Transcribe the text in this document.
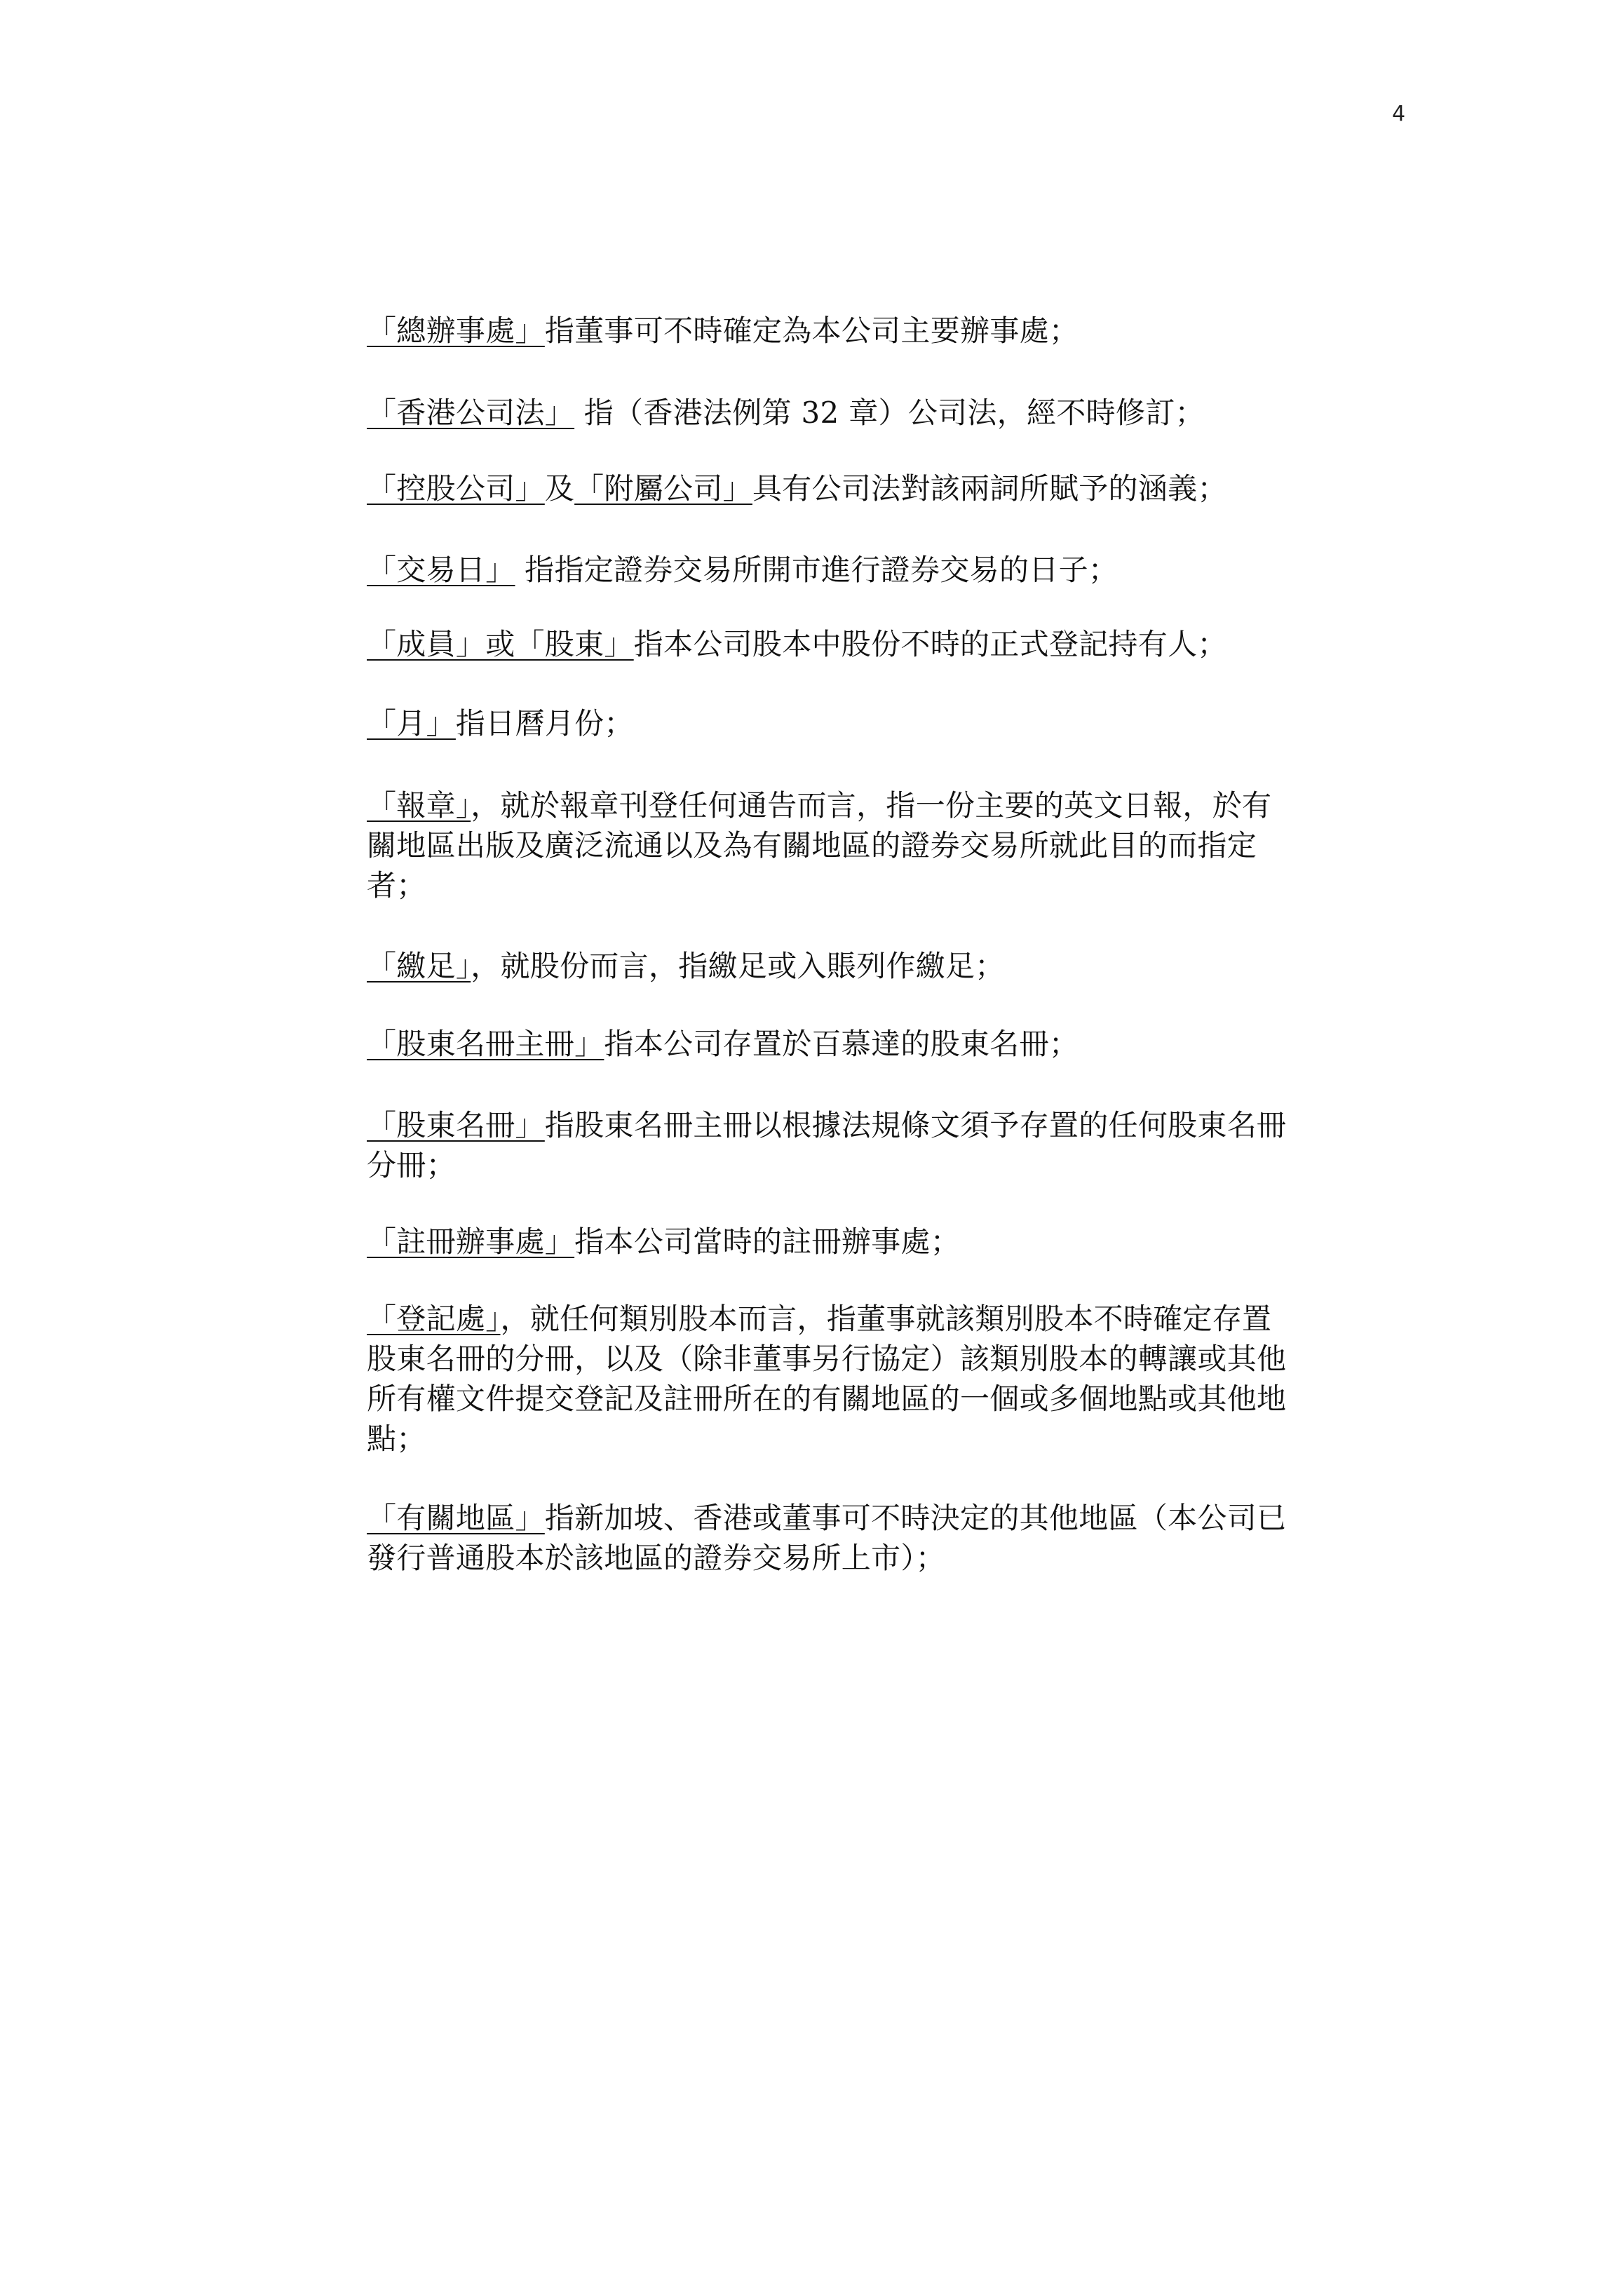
4

「總辦事處」指董事可不時確定為本公司主要辦事處；

「香港公司法」 指（香港法例第 32 章）公司法，經不時修訂；

「控股公司」及「附屬公司」具有公司法對該兩詞所賦予的涵義；

「交易日」 指指定證券交易所開市進行證券交易的日子；

「成員」或「股東」指本公司股本中股份不時的正式登記持有人；

「月」指日曆月份；

「報章」，就於報章刊登任何通告而言，指一份主要的英文日報，於有
關地區出版及廣泛流通以及為有關地區的證券交易所就此目的而指定
者；

「繳足」，就股份而言，指繳足或入賬列作繳足；

「股東名冊主冊」指本公司存置於百慕達的股東名冊；

「股東名冊」指股東名冊主冊以根據法規條文須予存置的任何股東名冊
分冊；

「註冊辦事處」指本公司當時的註冊辦事處；

「登記處」，就任何類別股本而言，指董事就該類別股本不時確定存置
股東名冊的分冊，以及（除非董事另行協定）該類別股本的轉讓或其他
所有權文件提交登記及註冊所在的有關地區的一個或多個地點或其他地
點；

「有關地區」指新加坡、香港或董事可不時決定的其他地區（本公司已
發行普通股本於該地區的證券交易所上市）；
